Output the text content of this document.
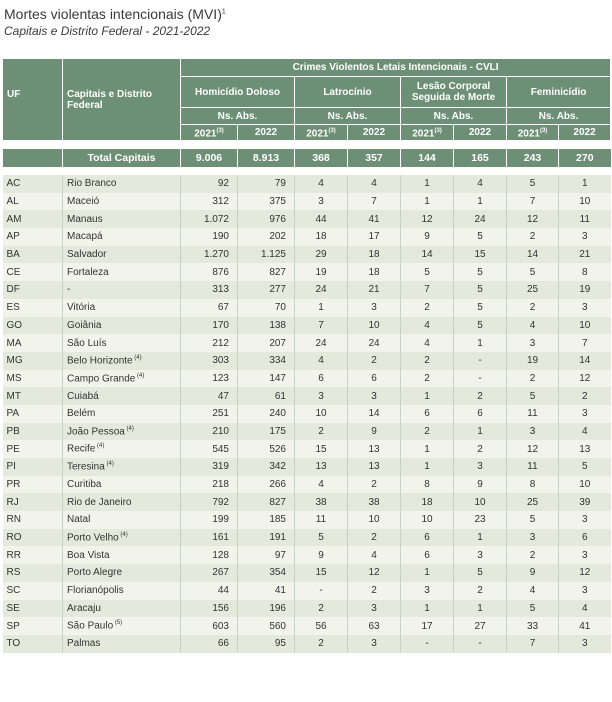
Mortes violentas intencionais (MVI)$^1$
Capitais e Distrito Federal - 2021-2022
UF	Capitais e Distrito Federal	Crimes Violentos Letais Intencionais - CVLI							
		Homicídio Doloso		Latrocínio		Lesão Corporal Seguida de Morte		Feminicídio	
		Ns. Abs.		Ns. Abs.		Ns. Abs.		Ns. Abs.	
		2021$^{(3)}$	2022	2021$^{(3)}$	2022	2021$^{(3)}$	2022	2021$^{(3)}$	2022

	Total Capitais	9.006	8.913	368	357	144	165	243	270

AC	Rio Branco	92	79	4	4	1	4	5	1
AL	Maceió	312	375	3	7	1	1	7	10
AM	Manaus	1.072	976	44	41	12	24	12	11
AP	Macapá	190	202	18	17	9	5	2	3
BA	Salvador	1.270	1.125	29	18	14	15	14	21
CE	Fortaleza	876	827	19	18	5	5	5	8
DF	-	313	277	24	21	7	5	25	19
ES	Vitória	67	70	1	3	2	5	2	3
GO	Goiânia	170	138	7	10	4	5	4	10
MA	São Luís	212	207	24	24	4	1	3	7
MG	Belo Horizonte $^{(4)}$	303	334	4	2	2	-	19	14
MS	Campo Grande $^{(4)}$	123	147	6	6	2	-	2	12
MT	Cuiabá	47	61	3	3	1	2	5	2
PA	Belém	251	240	10	14	6	6	11	3
PB	João Pessoa $^{(4)}$	210	175	2	9	2	1	3	4
PE	Recife $^{(4)}$	545	526	15	13	1	2	12	13
PI	Teresina $^{(4)}$	319	342	13	13	1	3	11	5
PR	Curitiba	218	266	4	2	8	9	8	10
RJ	Rio de Janeiro	792	827	38	38	18	10	25	39
RN	Natal	199	185	11	10	10	23	5	3
RO	Porto Velho $^{(4)}$	161	191	5	2	6	1	3	6
RR	Boa Vista	128	97	9	4	6	3	2	3
RS	Porto Alegre	267	354	15	12	1	5	9	12
SC	Florianópolis	44	41	-	2	3	2	4	3
SE	Aracaju	156	196	2	3	1	1	5	4
SP	São Paulo $^{(5)}$	603	560	56	63	17	27	33	41
TO	Palmas	66	95	2	3	-	-	7	3
